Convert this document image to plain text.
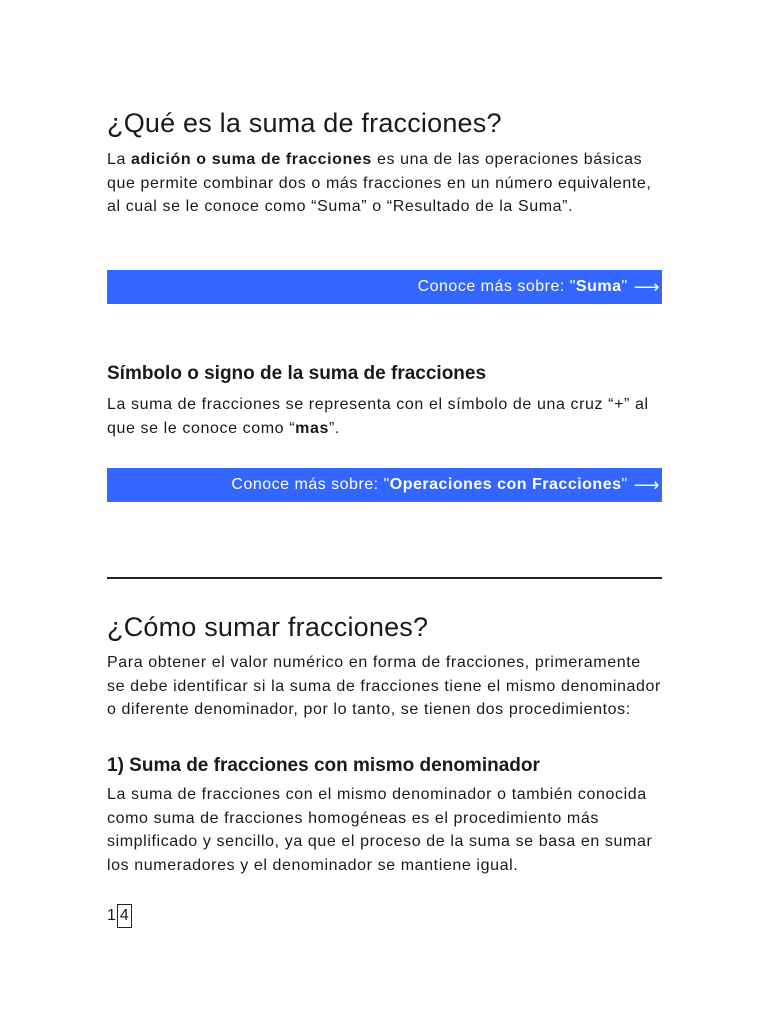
¿Qué es la suma de fracciones?

La adición o suma de fracciones es una de las operaciones básicas que permite combinar dos o más fracciones en un número equivalente, al cual se le conoce como “Suma” o “Resultado de la Suma”.

Conoce más sobre: " Suma " ⟶
Símbolo o signo de la suma de fracciones

La suma de fracciones se representa con el símbolo de una cruz “+” al que se le conoce como “mas”.

Conoce más sobre: " Operaciones con Fracciones " ⟶
¿Cómo sumar fracciones?

Para obtener el valor numérico en forma de fracciones, primeramente se debe identificar si la suma de fracciones tiene el mismo denominador o diferente denominador, por lo tanto, se tienen dos procedimientos:

1) Suma de fracciones con mismo denominador

La suma de fracciones con el mismo denominador o también conocida como suma de fracciones homogéneas es el procedimiento más simplificado y sencillo, ya que el proceso de la suma se basa en sumar los numeradores y el denominador se mantiene igual.

1 4
